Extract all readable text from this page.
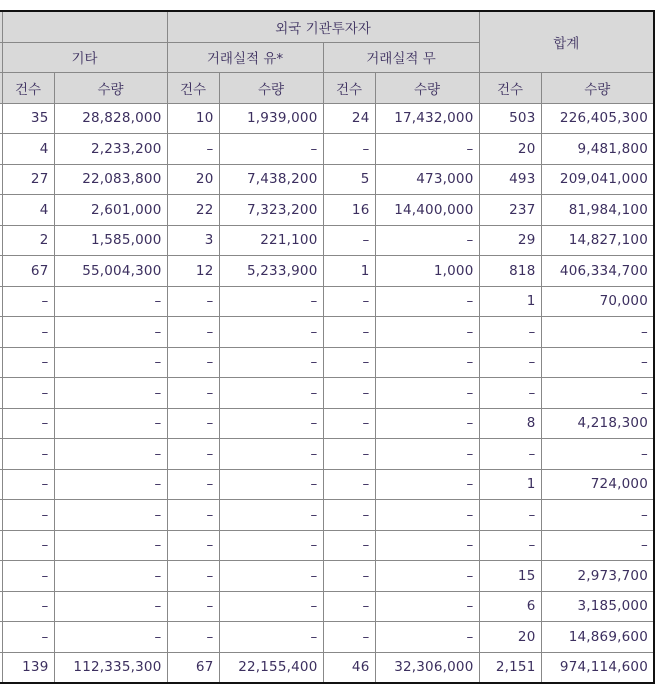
			외국 기관투자자				합계	
	기타		거래실적 유*		거래실적 무			
	건수	수량	건수	수량	건수	수량	건수	수량
	35	28,828,000	10	1,939,000	24	17,432,000	503	226,405,300
	4	2,233,200	–	–	–	–	20	9,481,800
	27	22,083,800	20	7,438,200	5	473,000	493	209,041,000
	4	2,601,000	22	7,323,200	16	14,400,000	237	81,984,100
	2	1,585,000	3	221,100	–	–	29	14,827,100
	67	55,004,300	12	5,233,900	1	1,000	818	406,334,700
	–	–	–	–	–	–	1	70,000
	–	–	–	–	–	–	–	–
	–	–	–	–	–	–	–	–
	–	–	–	–	–	–	–	–
	–	–	–	–	–	–	8	4,218,300
	–	–	–	–	–	–	–	–
	–	–	–	–	–	–	1	724,000
	–	–	–	–	–	–	–	–
	–	–	–	–	–	–	–	–
	–	–	–	–	–	–	15	2,973,700
	–	–	–	–	–	–	6	3,185,000
	–	–	–	–	–	–	20	14,869,600
	139	112,335,300	67	22,155,400	46	32,306,000	2,151	974,114,600
